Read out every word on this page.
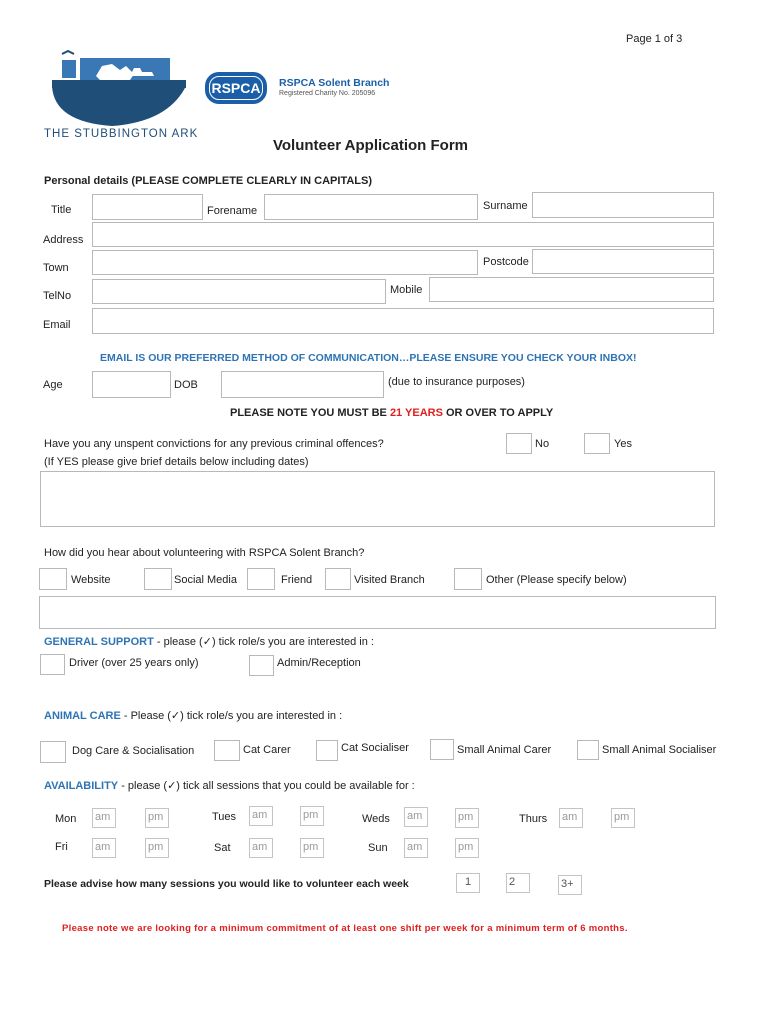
Page 1 of 3
THE STUBBINGTON ARK
RSPCA	RSPCA Solent Branch
Registered Charity No. 205096
Volunteer Application Form
Personal details (PLEASE COMPLETE CLEARLY IN CAPITALS)
Title	Forename	Surname
Address
Town	Postcode
TelNo	Mobile
Email
EMAIL IS OUR PREFERRED METHOD OF COMMUNICATION…PLEASE ENSURE YOU CHECK YOUR INBOX!
Age	DOB	(due to insurance purposes)
PLEASE NOTE YOU MUST BE 21 YEARS OR OVER TO APPLY
Have you any unspent convictions for any previous criminal offences?
(If YES please give brief details below including dates)
No	Yes
How did you hear about volunteering with RSPCA Solent Branch?
Website	Social Media	Friend	Visited Branch	Other (Please specify below)
GENERAL SUPPORT - please (✓) tick role/s you are interested in :
Driver (over 25 years only)	Admin/Reception
ANIMAL CARE - Please (✓) tick role/s you are interested in :
Dog Care & Socialisation	Cat Carer	Cat Socialiser	Small Animal Carer	Small Animal Socialiser
AVAILABILITY - please (✓) tick all sessions that you could be available for :
Mon am	pm	Tues am	pm	Weds am	pm	Thurs am	pm
Fri am	pm	Sat am	pm	Sun am	pm
Please advise how many sessions you would like to volunteer each week	1	2	3+
Please note we are looking for a minimum commitment of at least one shift per week for a minimum term of 6 months.
